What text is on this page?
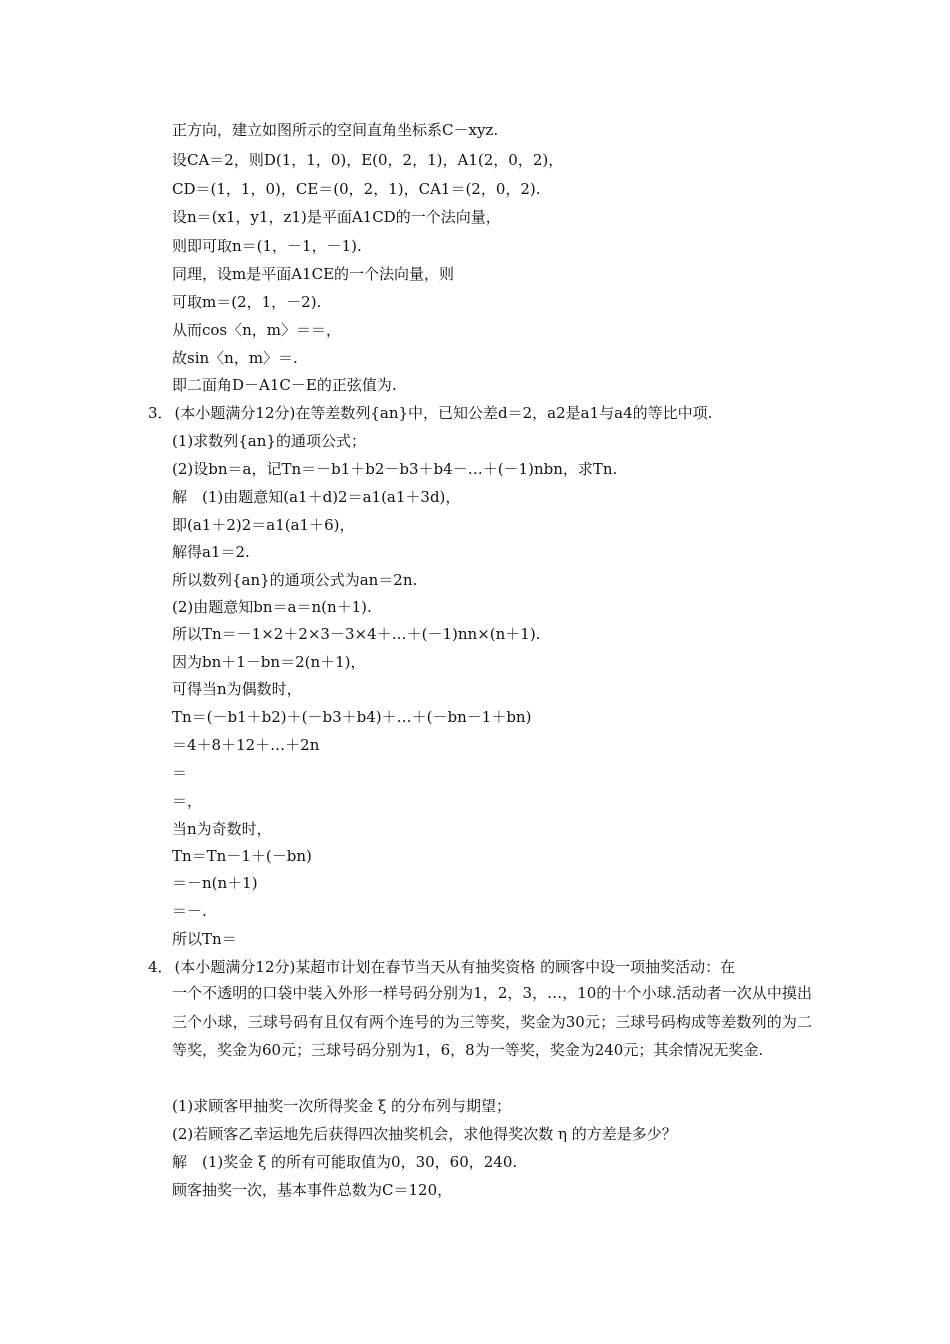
正方向，建立如图所示的空间直角坐标系C－xyz.
设CA＝2，则D(1，1，0)，E(0，2，1)，A1(2，0，2)，
CD＝(1，1，0)，CE＝(0，2，1)，CA1＝(2，0，2).
设n＝(x1，y1，z1)是平面A1CD的一个法向量，
则即可取n＝(1，－1，－1).
同理，设m是平面A1CE的一个法向量，则
可取m＝(2，1，－2).
从而cos〈n，m〉＝＝，
故sin〈n，m〉＝.
即二面角D－A1C－E的正弦值为.
3． (本小题满分12分)在等差数列{an}中，已知公差d＝2，a2是a1与a4的等比中项.
(1)求数列{an}的通项公式；
(2)设bn＝a，记Tn＝－b1＋b2－b3＋b4－…＋(－1)nbn，求Tn.
解　(1)由题意知(a1＋d)2＝a1(a1＋3d)，
即(a1＋2)2＝a1(a1＋6)，
解得a1＝2.
所以数列{an}的通项公式为an＝2n.
(2)由题意知bn＝a＝n(n＋1).
所以Tn＝－1×2＋2×3－3×4＋…＋(－1)nn×(n＋1).
因为bn＋1－bn＝2(n＋1)，
可得当n为偶数时，
Tn＝(－b1＋b2)＋(－b3＋b4)＋…＋(－bn－1＋bn)
＝4＋8＋12＋…＋2n
＝
＝，
当n为奇数时，
Tn＝Tn－1＋(－bn)
＝－n(n＋1)
＝－.
所以Tn＝
4． (本小题满分12分)某超市计划在春节当天从有抽奖资格 的顾客中设一项抽奖活动：在
一个不透明的口袋中装入外形一样号码分别为1，2，3，…，10的十个小球.活动者一次从中摸出三个小球，三球号码有且仅有两个连号的为三等奖，奖金为30元；三球号码构成等差数列的为二等奖，奖金为60元；三球号码分别为1，6，8为一等奖，奖金为240元；其余情况无奖金.
(1)求顾客甲抽奖一次所得奖金 ξ 的分布列与期望；
(2)若顾客乙幸运地先后获得四次抽奖机会，求他得奖次数 η 的方差是多少？
解　(1)奖金 ξ 的所有可能取值为0，30，60，240.
顾客抽奖一次，基本事件总数为C＝120，
